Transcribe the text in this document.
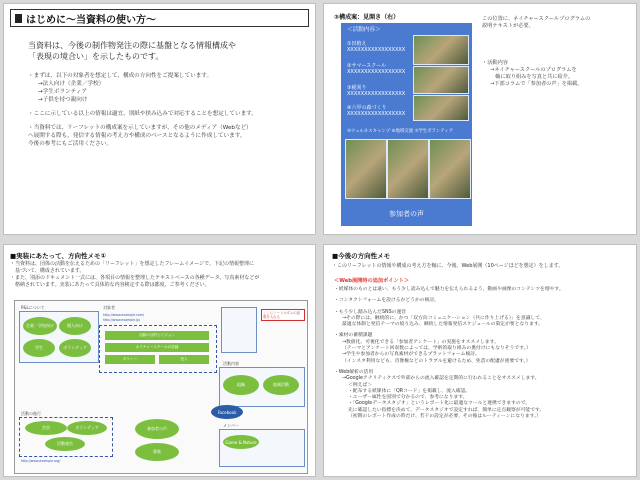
はじめに～当資料の使い方～
当資料は、今後の制作物発注の際に基盤となる情報構成や
「表現の境合い」を示したものです。
・まずは、以下の対象者を想定して、構成の方向性をご提案しています。
→法人向け（企業／学校）
→学生ボランティア
→子供を持つ親向け
・ここに示している以上の情報は適宜、別紙や挟み込みで対応することを想定しています。
・当資料では、リーフレットの構成案を示していますが、その他のメディア（Webなど）
へ展開する際も、発信する情報の考え方や構成のベースとなるように作成しています。
今後の参考にもご活用ください。
③構成案：見開き（右）
＜活動内容＞
①田植え
XXXXXXXXXXXXXXXXX
②サマースクール
XXXXXXXXXXXXXXXXX
③稲刈り
XXXXXXXXXXXXXXXXX
④六甲の森づくり
XXXXXXXXXXXXXXXXX
⑤ウェルネスキャンプ ⑥地域交流 ⑦学生ボランティア
参加者の声
この位置に、ネイチャースクールプログラムの
説明テキストが必要。
・活動内容
→ネイチャースクールのプログラムを
　軸に取り組みを写真と共に紹介。
→下部コラムで「参加者の声」を掲載。
■実装にあたって、方向性メモ①
・当資料は、団体の活動を伝えるための「リーフレット」を想定したフレームイメージで、下記の情報整理に
　基づいて、構成されています。
・また、別添のドキュメント一式には、各項目の情報を整理したテキストベースの各種データ、写真素材などが
　格納されています。実装にあたって具体的な内容検定する際は都度、ご参考ください。
P&Lについて
企業・学校向け	個人向け
学生	ボランティア
対象者
http://www.example.com/
http://www.example.jp/
活動の目的とビジョン
ネイチャースクールの詳細
ポリシー	受入
ここにノートルダムの説明を入れる
活動内容
組織	地域活動
Facebook
活動の進行
会員	ボランティア
活動報告
参加者の声
募集
メンバー
Game & Nature
http://www.example.org/
■今後の方向性メモ
・このリーフレットの情報や構成の考え方を軸に、今後、Web展開（10ページほどを想定）をします。
＜Web展開時の追加ポイント＞
・紙媒体のものとは違い、もう少し読み込んで魅力を伝えられるよう、動画や画像のコンテンツを増やす。
・コンタクトフォームを設けるかどうかの検討。
・もう少し踏み込んだSNSの運営
→その際には、継続的に、かつ「双方向コミュニケーション（共に作り上げる）」を意識して、
最適な体制と発信テーマの絞り込み、継続した情報発信スケジュールの策定が要となります。
・素材の蓄積課題
→数値化、可視化できる「参加者アンケート」の実施をオススメします。
（テーマとアンケート回収数によっては、学術的取り組みの裏付けにもなりそうです。）
→学生や参加者からの写真素材ができるプラットフォーム検討。
（インスタ利用なども、肖像権などのトラブルを避けるため、免責の配慮が重要です。）
・Web解析の活用
→Googleアナリティクスで外部からの流入確認を定期的に行われることをオススメします。
＜例えば＞
・配布する紙媒体に「QRコード」を掲載し、流入確認。
・ユーザー属性を国別で分かるので、参考になります。
・「Googleデータスタジオ」というレポート化に最適なツールと連携できますので、
先に確認したい指標を決めて、データスタジオで設定すれば、簡単に定点観察が可能です。
（初期のレポート作成の時だけ、若干の設定が必要、その後はルーティーンになります。）
